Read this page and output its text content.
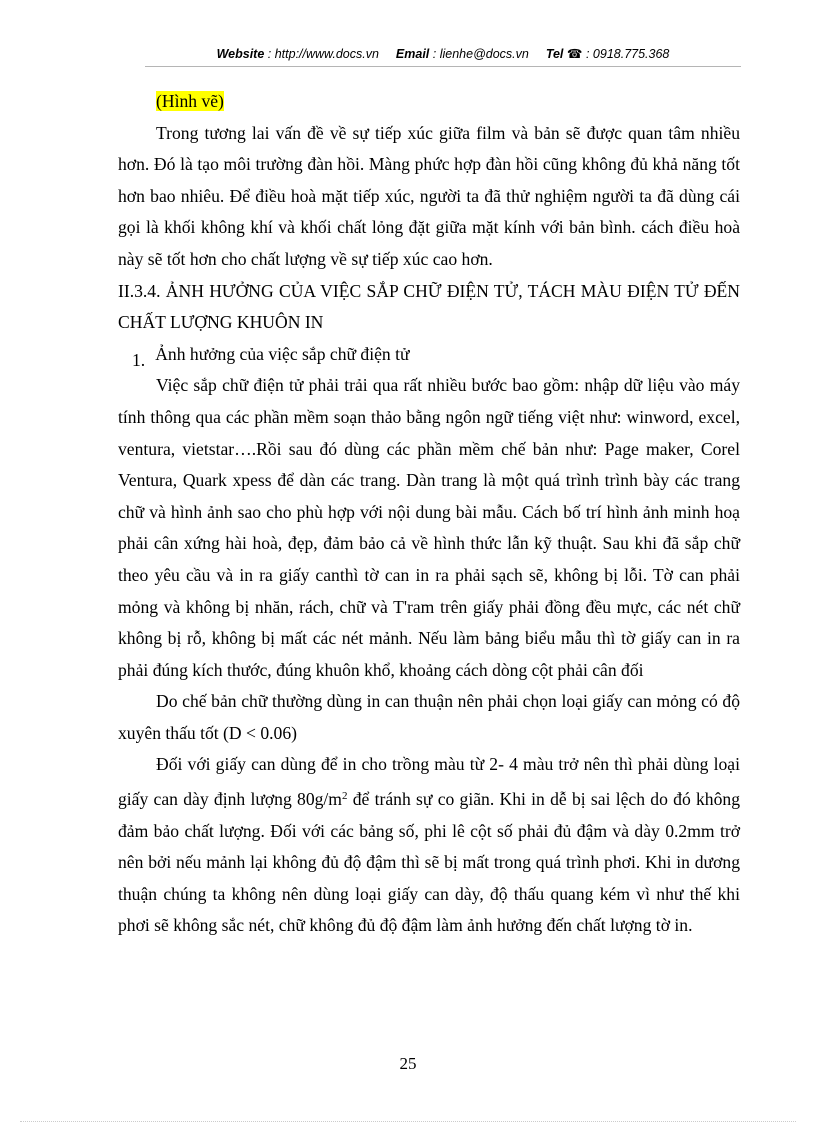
Website : http://www.docs.vn Email : lienhe@docs.vn Tel ☎ : 0918.775.368

(Hình vẽ)

Trong tương lai vấn đề về sự tiếp xúc giữa film và bản sẽ được quan tâm nhiều hơn. Đó là tạo môi trường đàn hồi. Màng phức hợp đàn hồi cũng không đủ khả năng tốt hơn bao nhiêu. Để điều hoà mặt tiếp xúc, người ta đã thử nghiệm người ta đã dùng cái gọi là khối không khí và khối chất lỏng đặt giữa mặt kính với bản bình. cách điều hoà này sẽ tốt hơn cho chất lượng về sự tiếp xúc cao hơn.

II.3.4. ẢNH HƯỞNG CỦA VIỆC SẮP CHỮ ĐIỆN TỬ, TÁCH MÀU ĐIỆN TỬ ĐẾN CHẤT LƯỢNG KHUÔN IN

1. Ảnh hưởng của việc sắp chữ điện tử

Việc sắp chữ điện tử phải trải qua rất nhiều bước bao gồm: nhập dữ liệu vào máy tính thông qua các phần mềm soạn thảo bằng ngôn ngữ tiếng việt như: winword, excel, ventura, vietstar….Rồi sau đó dùng các phần mềm chế bản như: Page maker, Corel Ventura, Quark xpess để dàn các trang. Dàn trang là một quá trình trình bày các trang chữ và hình ảnh sao cho phù hợp với nội dung bài mẫu. Cách bố trí hình ảnh minh hoạ phải cân xứng hài hoà, đẹp, đảm bảo cả về hình thức lẫn kỹ thuật. Sau khi đã sắp chữ theo yêu cầu và in ra giấy canthì tờ can in ra phải sạch sẽ, không bị lỗi. Tờ can phải mỏng và không bị nhăn, rách, chữ và T'ram trên giấy phải đồng đều mực, các nét chữ không bị rỗ, không bị mất các nét mảnh. Nếu làm bảng biểu mẫu thì tờ giấy can in ra phải đúng kích thước, đúng khuôn khổ, khoảng cách dòng cột phải cân đối

Do chế bản chữ thường dùng in can thuận nên phải chọn loại giấy can mỏng có độ xuyên thấu tốt (D < 0.06)

Đối với giấy can dùng để in cho trồng màu từ 2- 4 màu trở nên thì phải dùng loại giấy can dày định lượng $80g/m^2$ để tránh sự co giãn. Khi in dễ bị sai lệch do đó không đảm bảo chất lượng. Đối với các bảng số, phi lê cột số phải đủ đậm và dày 0.2mm trở nên bởi nếu mảnh lại không đủ độ đậm thì sẽ bị mất trong quá trình phơi. Khi in dương thuận chúng ta không nên dùng loại giấy can dày, độ thấu quang kém vì như thế khi phơi sẽ không sắc nét, chữ không đủ độ đậm làm ảnh hưởng đến chất lượng tờ in.

25
